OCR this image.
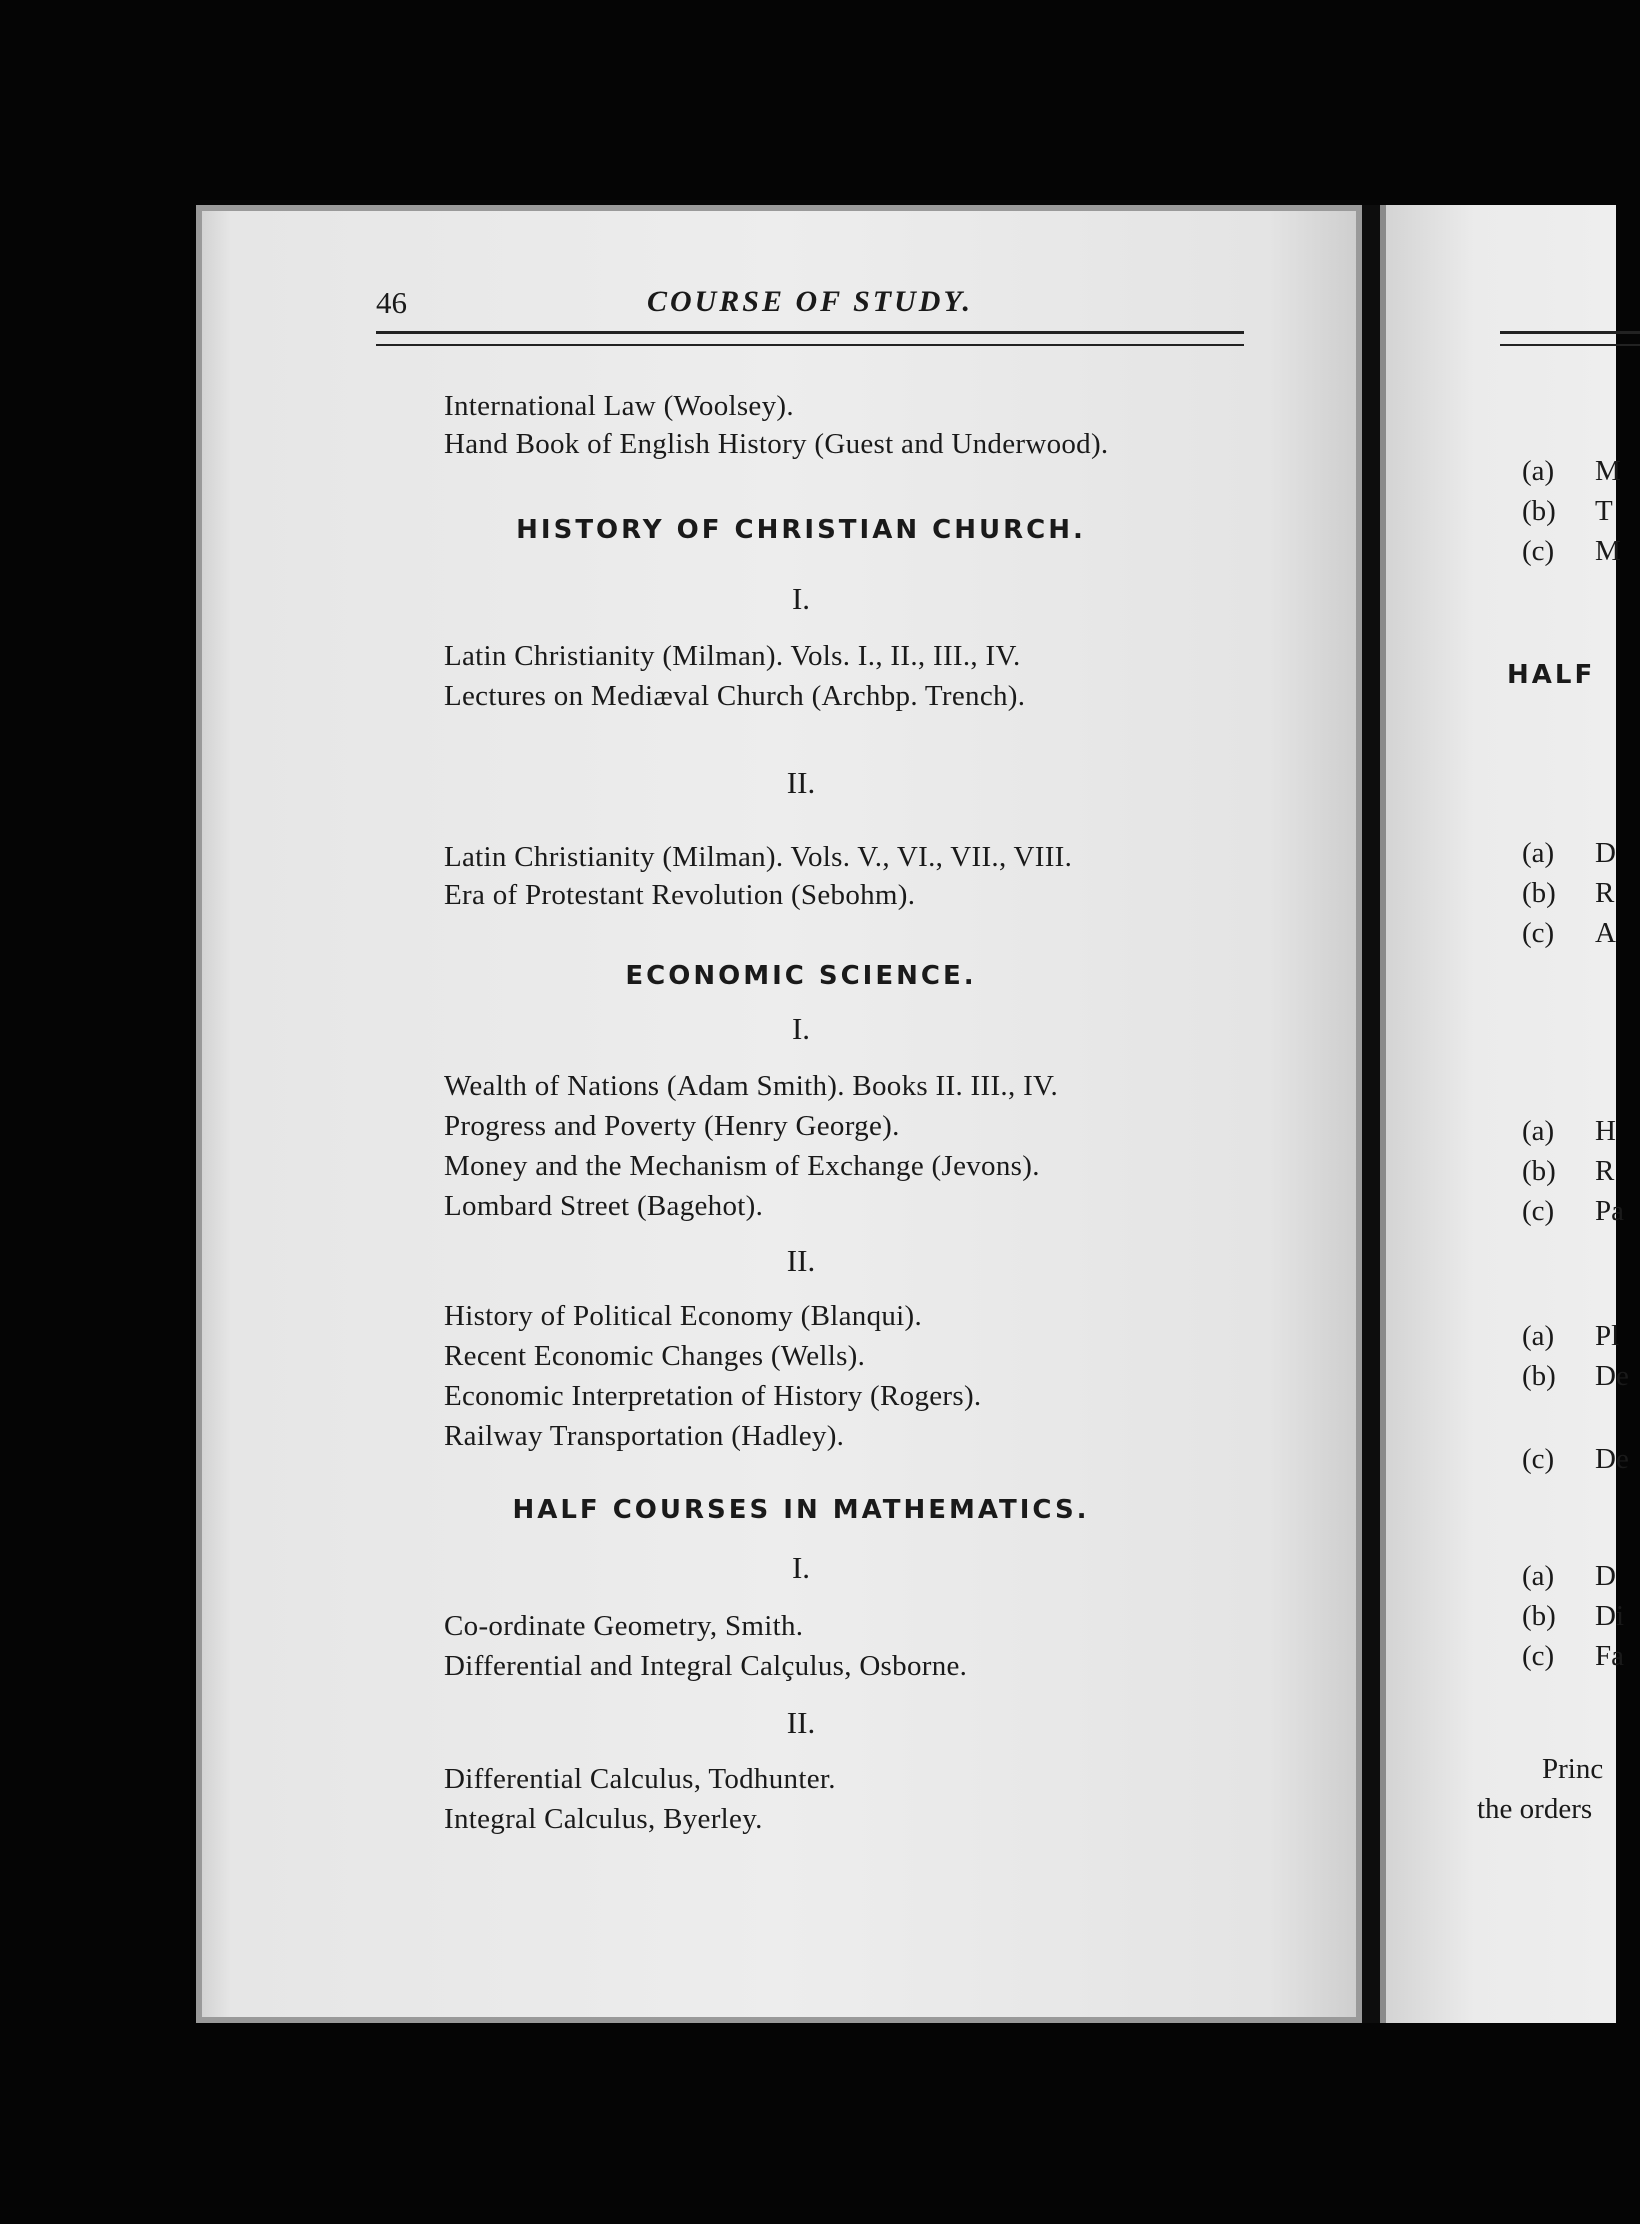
46	COURSE OF STUDY.
International Law (Woolsey).
Hand Book of English History (Guest and Underwood).
HISTORY OF CHRISTIAN CHURCH.
I.
Latin Christianity (Milman). Vols. I., II., III., IV.
Lectures on Mediæval Church (Archbp. Trench).
II.
Latin Christianity (Milman). Vols. V., VI., VII., VIII.
Era of Protestant Revolution (Sebohm).
ECONOMIC SCIENCE.
I.
Wealth of Nations (Adam Smith). Books II. III., IV.
Progress and Poverty (Henry George).
Money and the Mechanism of Exchange (Jevons).
Lombard Street (Bagehot).
II.
History of Political Economy (Blanqui).
Recent Economic Changes (Wells).
Economic Interpretation of History (Rogers).
Railway Transportation (Hadley).
HALF COURSES IN MATHEMATICS.
I.
Co-ordinate Geometry, Smith.
Differential and Integral Calçulus, Osborne.
II.
Differential Calculus, Todhunter.
Integral Calculus, Byerley.
(a) M
(b) T
(c) M
HALF
(a) D
(b) R
(c) A
(a) H
(b) R
(c) Pa
(a) Pl
(b) De
(c) De
(a) D
(b) Di
(c) Fa
Princ
the orders
